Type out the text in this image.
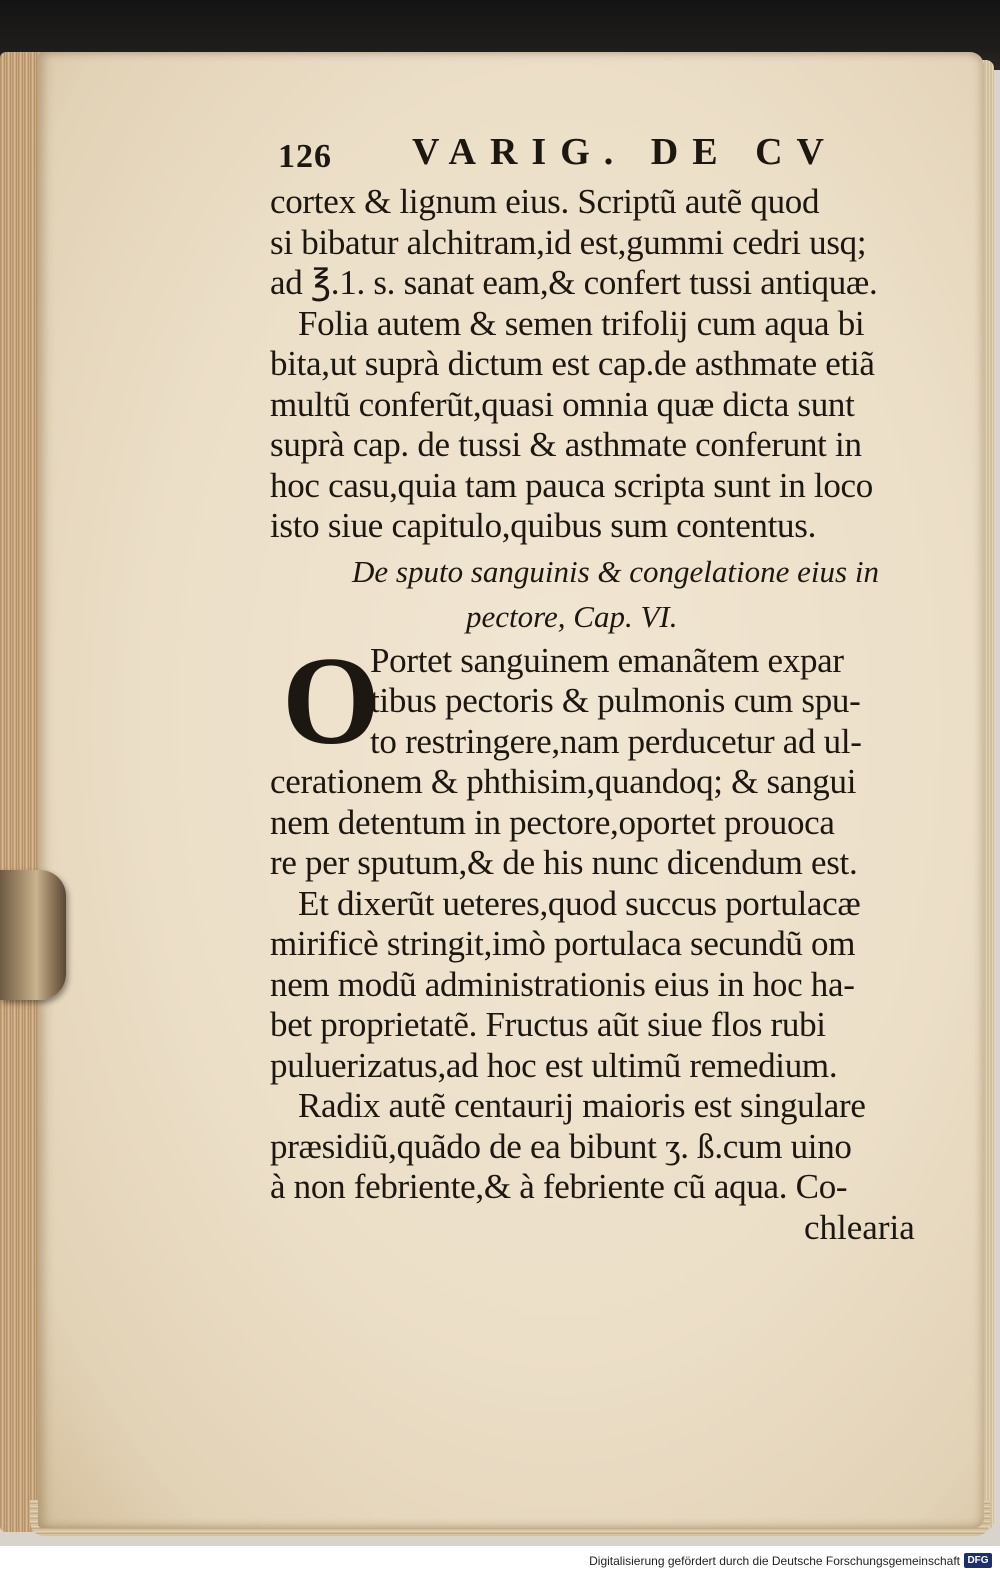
126 VARIG. DE CV
cortex & lignum eius. Scriptũ autẽ quod
si bibatur alchitram,id est,gummi cedri usq;
ad ℥.1. s. sanat eam,& confert tussi antiquæ.
Folia autem & semen trifolij cum aqua bi
bita,ut suprà dictum est cap.de asthmate etiã
multũ conferũt,quasi omnia quæ dicta sunt
suprà cap. de tussi & asthmate conferunt in
hoc casu,quia tam pauca scripta sunt in loco
isto siue capitulo,quibus sum contentus.
De sputo sanguinis & congelatione eius in
pectore, Cap. VI.
O
Portet sanguinem emanãtem expar
tibus pectoris & pulmonis cum spu-
to restringere,nam perducetur ad ul-
cerationem & phthisim,quandoq; & sangui
nem detentum in pectore,oportet prouoca
re per sputum,& de his nunc dicendum est.
Et dixerũt ueteres,quod succus portulacæ
mirificè stringit,imò portulaca secundũ om
nem modũ administrationis eius in hoc ha-
bet proprietatẽ. Fructus aũt siue flos rubi
puluerizatus,ad hoc est ultimũ remedium.
Radix autẽ centaurij maioris est singulare
præsidiũ,quãdo de ea bibunt ʒ. ß.cum uino
à non febriente,& à febriente cũ aqua. Co-
chlearia
Digitalisierung gefördert durch die Deutsche Forschungsgemeinschaft DFG
